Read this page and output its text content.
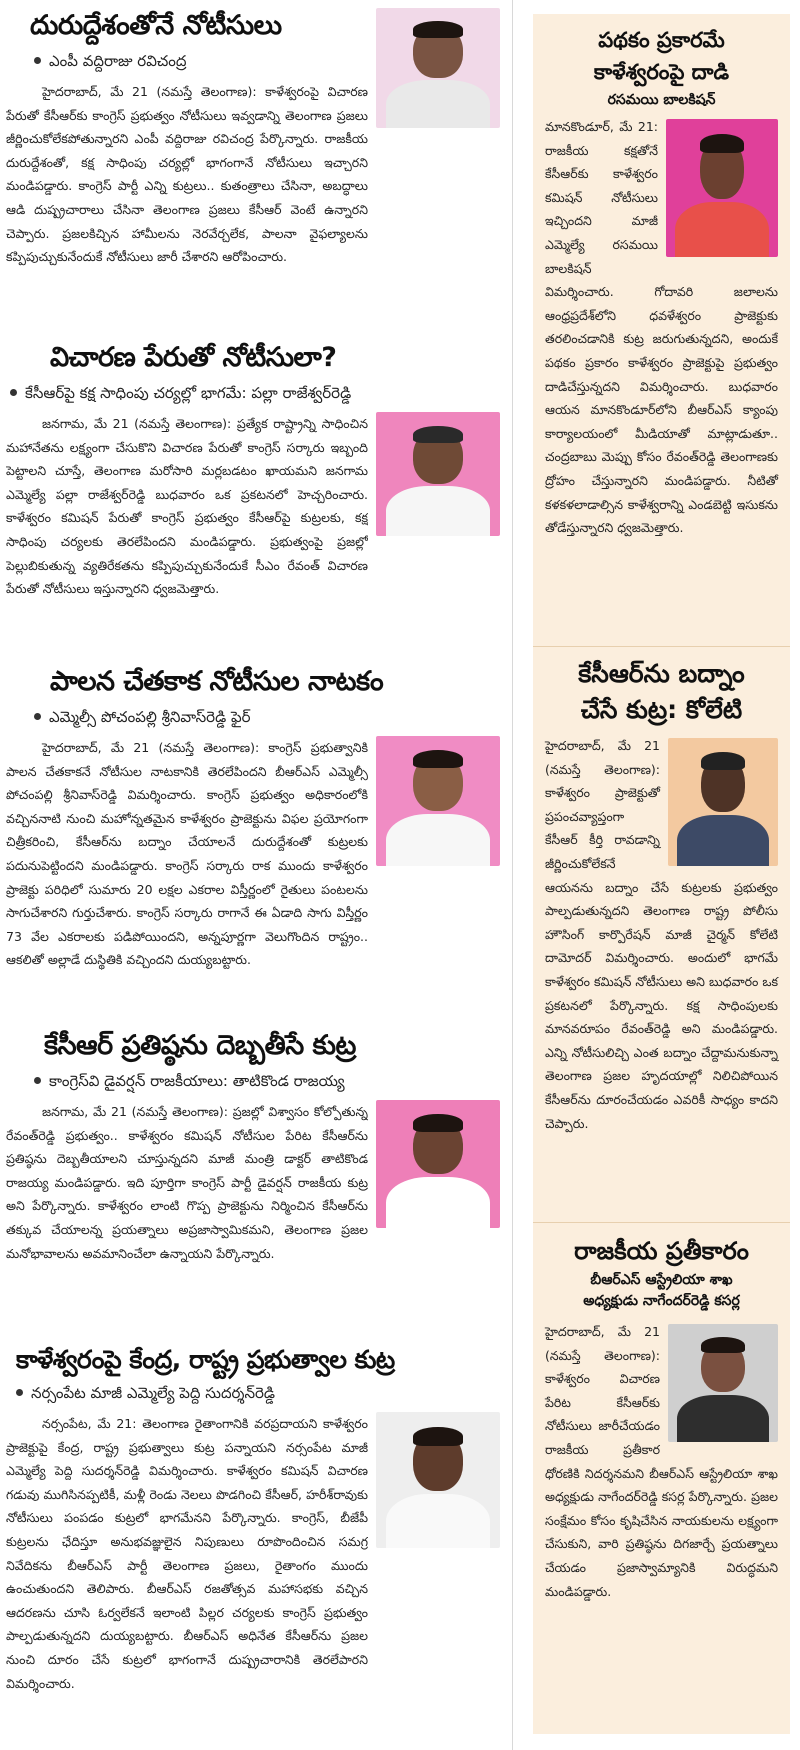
దురుద్దేశంతోనే నోటీసులు
ఎంపీ వద్దిరాజు రవిచంద్ర
హైదరాబాద్, మే 21 (నమస్తే తెలంగాణ): కాళేశ్వరంపై విచారణ పేరుతో కేసీఆర్‌కు కాంగ్రెస్ ప్రభుత్వం నోటీసులు ఇవ్వడాన్ని తెలంగాణ ప్రజలు జీర్ణించుకోలేకపోతున్నారని ఎంపీ వద్దిరాజు రవిచంద్ర పేర్కొన్నారు. రాజకీయ దురుద్దేశంతో, కక్ష సాధింపు చర్యల్లో భాగంగానే నోటీసులు ఇచ్చారని మండిపడ్డారు. కాంగ్రెస్ పార్టీ ఎన్ని కుట్రలు.. కుతంత్రాలు చేసినా, అబద్ధాలు ఆడి దుష్ప్రచారాలు చేసినా తెలంగాణ ప్రజలు కేసీఆర్ వెంటే ఉన్నారని చెప్పారు. ప్రజలకిచ్చిన హామీలను నెరవేర్చలేక, పాలనా వైఫల్యాలను కప్పిపుచ్చుకునేందుకే నోటీసులు జారీ చేశారని ఆరోపించారు.
విచారణ పేరుతో నోటీసులా?
కేసీఆర్‌పై కక్ష సాధింపు చర్యల్లో భాగమే: పల్లా రాజేశ్వర్‌రెడ్డి
జనగామ, మే 21 (నమస్తే తెలంగాణ): ప్రత్యేక రాష్ట్రాన్ని సాధించిన మహానేతను లక్ష్యంగా చేసుకొని విచారణ పేరుతో కాంగ్రెస్ సర్కారు ఇబ్బంది పెట్టాలని చూస్తే, తెలంగాణ మరోసారి మర్లబడటం ఖాయమని జనగామ ఎమ్మెల్యే పల్లా రాజేశ్వర్‌రెడ్డి బుధవారం ఒక ప్రకటనలో హెచ్చరించారు. కాళేశ్వరం కమిషన్ పేరుతో కాంగ్రెస్ ప్రభుత్వం కేసీఆర్‌పై కుట్రలకు, కక్ష సాధింపు చర్యలకు తెరలేపిందని మండిపడ్డారు. ప్రభుత్వంపై ప్రజల్లో పెల్లుబికుతున్న వ్యతిరేకతను కప్పిపుచ్చుకునేందుకే సీఎం రేవంత్ విచారణ పేరుతో నోటీసులు ఇస్తున్నారని ధ్వజమెత్తారు.
పాలన చేతకాక నోటీసుల నాటకం
ఎమ్మెల్సీ పోచంపల్లి శ్రీనివాస్‌రెడ్డి ఫైర్
హైదరాబాద్, మే 21 (నమస్తే తెలంగాణ): కాంగ్రెస్ ప్రభుత్వానికి పాలన చేతకాకనే నోటీసుల నాటకానికి తెరలేపిందని బీఆర్‌ఎస్ ఎమ్మెల్సీ పోచంపల్లి శ్రీనివాస్‌రెడ్డి విమర్శించారు. కాంగ్రెస్ ప్రభుత్వం అధికారంలోకి వచ్చిననాటి నుంచి మహోన్నతమైన కాళేశ్వరం ప్రాజెక్టును విఫల ప్రయోగంగా చిత్రీకరించి, కేసీఆర్‌ను బద్నాం చేయాలనే దురుద్దేశంతో కుట్రలకు పదునుపెట్టిందని మండిపడ్డారు. కాంగ్రెస్ సర్కారు రాక ముందు కాళేశ్వరం ప్రాజెక్టు పరిధిలో సుమారు 20 లక్షల ఎకరాల విస్తీర్ణంలో రైతులు పంటలను సాగుచేశారని గుర్తుచేశారు. కాంగ్రెస్ సర్కారు రాగానే ఈ ఏడాది సాగు విస్తీర్ణం 73 వేల ఎకరాలకు పడిపోయిందని, అన్నపూర్ణగా వెలుగొందిన రాష్ట్రం.. ఆకలితో అల్లాడే దుస్థితికి వచ్చిందని దుయ్యబట్టారు.
కేసీఆర్ ప్రతిష్ఠను దెబ్బతీసే కుట్ర
కాంగ్రెస్‌వి డైవర్షన్ రాజకీయాలు: తాటికొండ రాజయ్య
జనగామ, మే 21 (నమస్తే తెలంగాణ): ప్రజల్లో విశ్వాసం కోల్పోతున్న రేవంత్‌రెడ్డి ప్రభుత్వం.. కాళేశ్వరం కమిషన్ నోటీసుల పేరిట కేసీఆర్‌ను ప్రతిష్ఠను దెబ్బతీయాలని చూస్తున్నదని మాజీ మంత్రి డాక్టర్ తాటికొండ రాజయ్య మండిపడ్డారు. ఇది పూర్తిగా కాంగ్రెస్ పార్టీ డైవర్షన్ రాజకీయ కుట్ర అని పేర్కొన్నారు. కాళేశ్వరం లాంటి గొప్ప ప్రాజెక్టును నిర్మించిన కేసీఆర్‌ను తక్కువ చేయాలన్న ప్రయత్నాలు అప్రజాస్వామికమని, తెలంగాణ ప్రజల మనోభావాలను అవమానించేలా ఉన్నాయని పేర్కొన్నారు.
కాళేశ్వరంపై కేంద్ర, రాష్ట్ర ప్రభుత్వాల కుట్ర
నర్సంపేట మాజీ ఎమ్మెల్యే పెద్ది సుదర్శన్‌రెడ్డి
నర్సంపేట, మే 21: తెలంగాణ రైతాంగానికి వరప్రదాయని కాళేశ్వరం ప్రాజెక్టుపై కేంద్ర, రాష్ట్ర ప్రభుత్వాలు కుట్ర పన్నాయని నర్సంపేట మాజీ ఎమ్మెల్యే పెద్ది సుదర్శన్‌రెడ్డి విమర్శించారు. కాళేశ్వరం కమిషన్ విచారణ గడువు ముగిసినప్పటికీ, మళ్లీ రెండు నెలలు పొడగించి కేసీఆర్, హరీశ్‌రావుకు నోటీసులు పంపడం కుట్రలో భాగమేనని పేర్కొన్నారు. కాంగ్రెస్, బీజేపీ కుట్రలను ఛేదిస్తూ అనుభవజ్ఞులైన నిపుణులు రూపొందించిన సమగ్ర నివేదికను బీఆర్‌ఎస్ పార్టీ తెలంగాణ ప్రజలు, రైతాంగం ముందు ఉంచుతుందని తెలిపారు. బీఆర్‌ఎస్ రజతోత్సవ మహాసభకు వచ్చిన ఆదరణను చూసి ఓర్వలేకనే ఇలాంటి పిల్లర చర్యలకు కాంగ్రెస్ ప్రభుత్వం పాల్పడుతున్నదని దుయ్యబట్టారు. బీఆర్‌ఎస్ అధినేత కేసీఆర్‌ను ప్రజల నుంచి దూరం చేసే కుట్రలో భాగంగానే దుష్ప్రచారానికి తెరలేపారని విమర్శించారు.
పథకం ప్రకారమే
కాళేశ్వరంపై దాడి
రసమయి బాలకిషన్
మానకొండూర్, మే 21: రాజకీయ కక్షతోనే కేసీఆర్‌కు కాళేశ్వరం కమిషన్ నోటీసులు ఇచ్చిందని మాజీ ఎమ్మెల్యే రసమయి బాలకిషన్ విమర్శించారు. గోదావరి జలాలను ఆంధ్రప్రదేశ్‌లోని ధవళేశ్వరం ప్రాజెక్టుకు తరలించడానికి కుట్ర జరుగుతున్నదని, అందుకే పథకం ప్రకారం కాళేశ్వరం ప్రాజెక్టుపై ప్రభుత్వం దాడిచేస్తున్నదని విమర్శించారు. బుధవారం ఆయన మానకొండూర్‌లోని బీఆర్‌ఎస్ క్యాంపు కార్యాలయంలో మీడియాతో మాట్లాడుతూ.. చంద్రబాబు మెప్పు కోసం రేవంత్‌రెడ్డి తెలంగాణకు ద్రోహం చేస్తున్నారని మండిపడ్డారు. నీటితో కళకళలాడాల్సిన కాళేశ్వరాన్ని ఎండబెట్టి ఇసుకను తోడేస్తున్నారని ధ్వజమెత్తారు.
కేసీఆర్‌ను బద్నాం
చేసే కుట్ర: కోలేటి
హైదరాబాద్, మే 21 (నమస్తే తెలంగాణ): కాళేశ్వరం ప్రాజెక్టుతో ప్రపంచవ్యాప్తంగా కేసీఆర్ కీర్తి రావడాన్ని జీర్ణించుకోలేకనే ఆయనను బద్నాం చేసే కుట్రలకు ప్రభుత్వం పాల్పడుతున్నదని తెలంగాణ రాష్ట్ర పోలీసు హౌసింగ్ కార్పొరేషన్ మాజీ చైర్మన్ కోలేటి దామోదర్ విమర్శించారు. అందులో భాగమే కాళేశ్వరం కమిషన్ నోటీసులు అని బుధవారం ఒక ప్రకటనలో పేర్కొన్నారు. కక్ష సాధింపులకు మానవరూపం రేవంత్‌రెడ్డి అని మండిపడ్డారు. ఎన్ని నోటీసులిచ్చి ఎంత బద్నాం చేద్దామనుకున్నా తెలంగాణ ప్రజల హృదయాల్లో నిలిచిపోయిన కేసీఆర్‌ను దూరంచేయడం ఎవరికీ సాధ్యం కాదని చెప్పారు.
రాజకీయ ప్రతీకారం
బీఆర్‌ఎస్ ఆస్ట్రేలియా శాఖ
అధ్యక్షుడు నాగేందర్‌రెడ్డి కసర్ల
హైదరాబాద్, మే 21 (నమస్తే తెలంగాణ): కాళేశ్వరం విచారణ పేరిట కేసీఆర్‌కు నోటీసులు జారీచేయడం రాజకీయ ప్రతీకార ధోరణికి నిదర్శనమని బీఆర్‌ఎస్ ఆస్ట్రేలియా శాఖ అధ్యక్షుడు నాగేందర్‌రెడ్డి కసర్ల పేర్కొన్నారు. ప్రజల సంక్షేమం కోసం కృషిచేసిన నాయకులను లక్ష్యంగా చేసుకుని, వారి ప్రతిష్ఠను దిగజార్చే ప్రయత్నాలు చేయడం ప్రజాస్వామ్యానికి విరుద్ధమని మండిపడ్డారు.
